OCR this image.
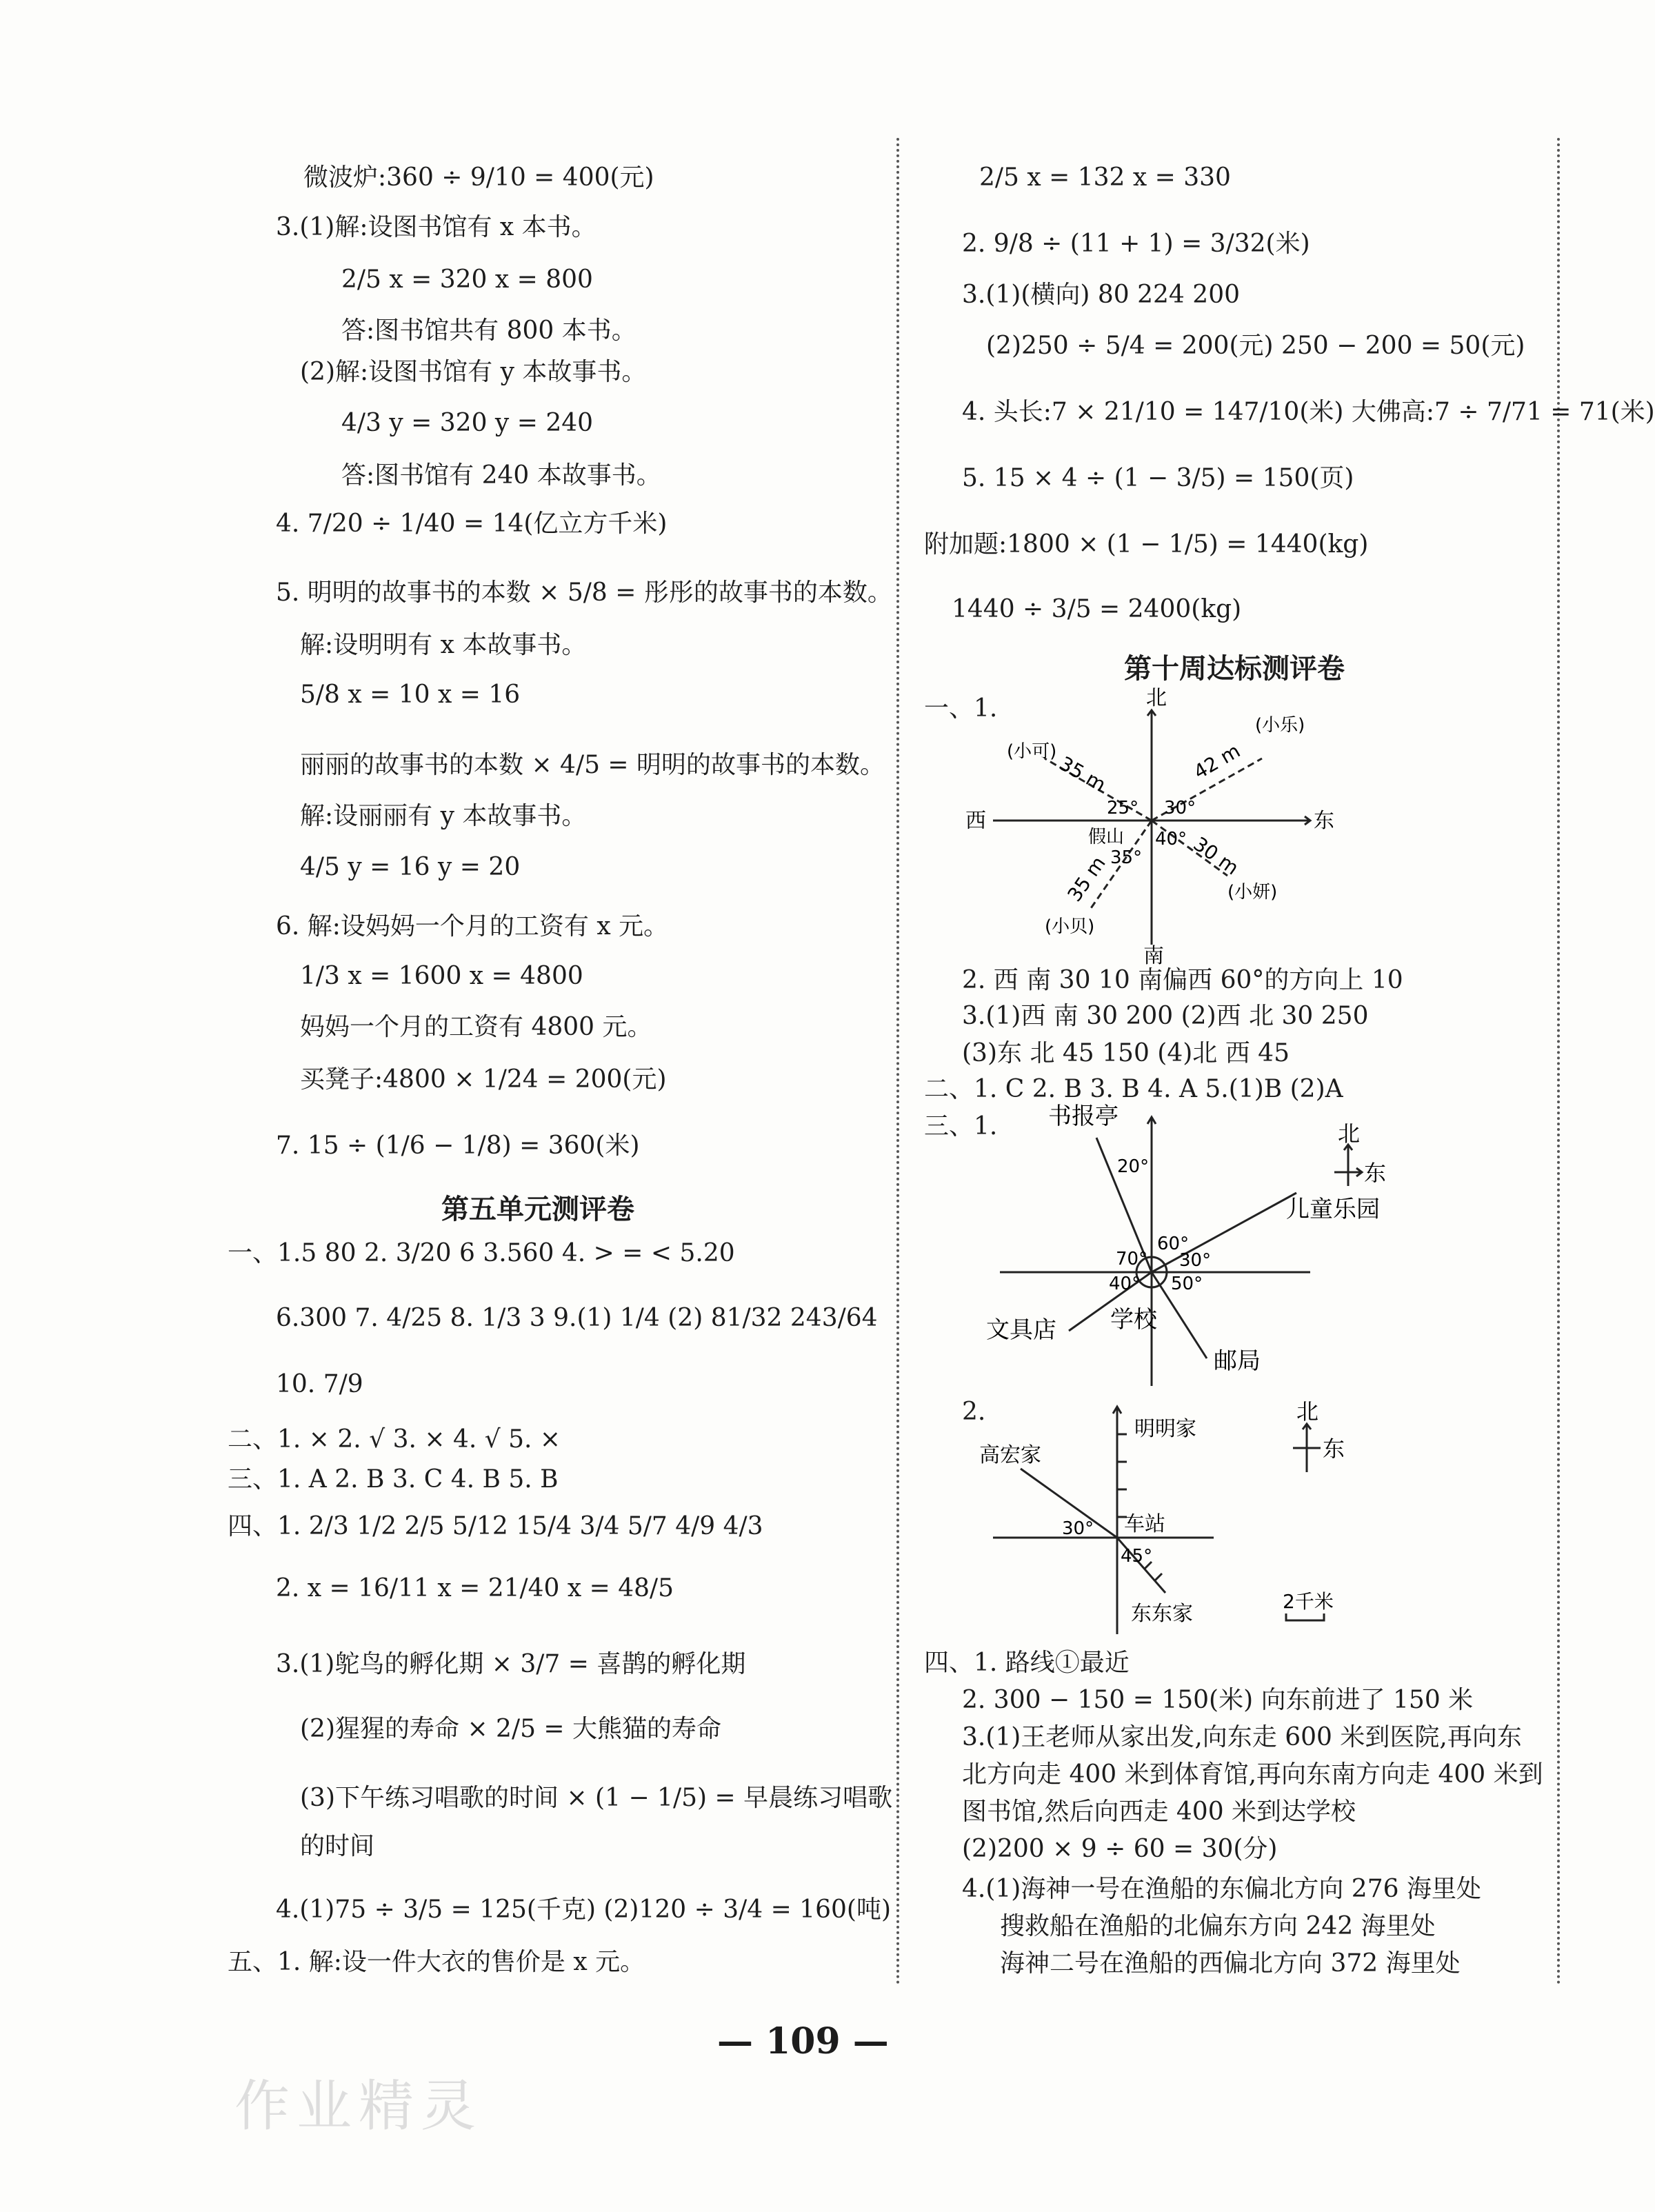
微波炉:360 ÷ 9/10 = 400(元)
3.(1)解:设图书馆有 x 本书。
2/5 x = 320 x = 800
答:图书馆共有 800 本书。
(2)解:设图书馆有 y 本故事书。
4/3 y = 320 y = 240
答:图书馆有 240 本故事书。
4. 7/20 ÷ 1/40 = 14(亿立方千米)
5. 明明的故事书的本数 × 5/8 = 彤彤的故事书的本数。
解:设明明有 x 本故事书。
5/8 x = 10 x = 16
丽丽的故事书的本数 × 4/5 = 明明的故事书的本数。
解:设丽丽有 y 本故事书。
4/5 y = 16 y = 20
6. 解:设妈妈一个月的工资有 x 元。
1/3 x = 1600 x = 4800
妈妈一个月的工资有 4800 元。
买凳子:4800 × 1/24 = 200(元)
7. 15 ÷ (1/6 − 1/8) = 360(米)
第五单元测评卷
一、1.5 80 2. 3/20 6 3.560 4. > = < 5.20
6.300 7. 4/25 8. 1/3 3 9.(1) 1/4 (2) 81/32 243/64
10. 7/9
二、1. × 2. √ 3. × 4. √ 5. ×
三、1. A 2. B 3. C 4. B 5. B
四、1. 2/3 1/2 2/5 5/12 15/4 3/4 5/7 4/9 4/3
2. x = 16/11 x = 21/40 x = 48/5
3.(1)鸵鸟的孵化期 × 3/7 = 喜鹊的孵化期
(2)猩猩的寿命 × 2/5 = 大熊猫的寿命
(3)下午练习唱歌的时间 × (1 − 1/5) = 早晨练习唱歌
的时间
4.(1)75 ÷ 3/5 = 125(千克) (2)120 ÷ 3/4 = 160(吨)
五、1. 解:设一件大衣的售价是 x 元。
2/5 x = 132 x = 330
2. 9/8 ÷ (11 + 1) = 3/32(米)
3.(1)(横向) 80 224 200
(2)250 ÷ 5/4 = 200(元) 250 − 200 = 50(元)
4. 头长:7 × 21/10 = 147/10(米) 大佛高:7 ÷ 7/71 = 71(米)
5. 15 × 4 ÷ (1 − 3/5) = 150(页)
附加题:1800 × (1 − 1/5) = 1440(kg)
1440 ÷ 3/5 = 2400(kg)
第十周达标测评卷
一、1.	北
南
西	东
假山
(小可)
(小乐)
(小贝)
(小妍)
35 m	42 m
35 m	30 m
25° 30°
40°
35°
2. 西 南 30 10 南偏西 60°的方向上 10
3.(1)西 南 30 200 (2)西 北 30 250
(3)东 北 45 150 (4)北 西 45
二、1. C 2. B 3. B 4. A 5.(1)B (2)A
三、1.	北
东
书报亭
儿童乐园
文具店 学校
邮局
20°
60°
30°
70°
40° 50°
2.	北
东
明明家
高宏家
车站
东东家
30°
45°
2千米
四、1. 路线①最近
2. 300 − 150 = 150(米) 向东前进了 150 米
3.(1)王老师从家出发,向东走 600 米到医院,再向东
北方向走 400 米到体育馆,再向东南方向走 400 米到
图书馆,然后向西走 400 米到达学校
(2)200 × 9 ÷ 60 = 30(分)
4.(1)海神一号在渔船的东偏北方向 276 海里处
搜救船在渔船的北偏东方向 242 海里处
海神二号在渔船的西偏北方向 372 海里处
— 109 —
作业精灵
